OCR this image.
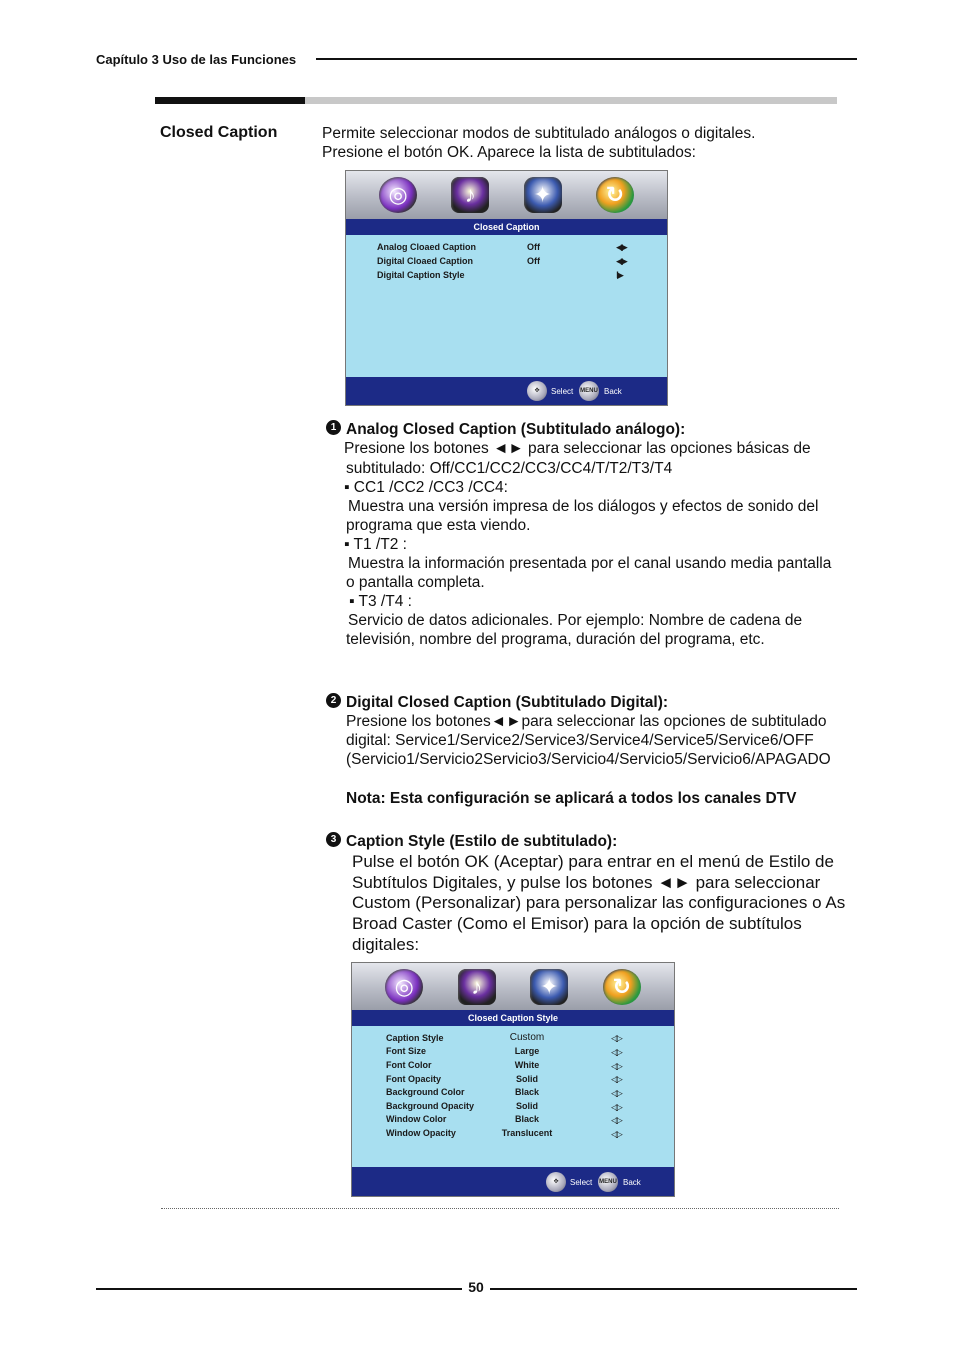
Capítulo 3 Uso de las Funciones
Closed Caption	Permite seleccionar modos de subtitulado análogos o digitales.
Presione el botón OK. Aparece la lista de subtitulados:
◎	♪	✦	↻
Closed Caption
Analog Cloaed Caption	Off	◀▶
Digital Cloaed Caption	Off	◀▶
Digital Caption Style	II▶
✥	Select MENU Back
1 Analog Closed Caption (Subtitulado análogo):
Presione los botones ◄► para seleccionar las opciones básicas de
subtitulado: Off/CC1/CC2/CC3/CC4/T/T2/T3/T4
▪ CC1 /CC2 /CC3 /CC4:
Muestra una versión impresa de los diálogos y efectos de sonido del
programa que esta viendo.
▪ T1 /T2 :
Muestra la información presentada por el canal usando media pantalla
o pantalla completa.
▪ T3 /T4 :
Servicio de datos adicionales. Por ejemplo: Nombre de cadena de
televisión, nombre del programa, duración del programa, etc.
2 Digital Closed Caption (Subtitulado Digital):
Presione los botones◄►para seleccionar las opciones de subtitulado
digital: Service1/Service2/Service3/Service4/Service5/Service6/OFF
(Servicio1/Servicio2Servicio3/Servicio4/Servicio5/Servicio6/APAGADO
Nota: Esta configuración se aplicará a todos los canales DTV
3 Caption Style (Estilo de subtitulado):
Pulse el botón OK (Aceptar) para entrar en el menú de Estilo de
Subtítulos Digitales, y pulse los botones ◄► para seleccionar
Custom (Personalizar) para personalizar las configuraciones o As
Broad Caster (Como el Emisor) para la opción de subtítulos
digitales:
◎	♪	✦	↻
Closed Caption Style
Caption Style	Custom	◁▷
Font Size	Large	◁▷
Font Color	White	◁▷
Font Opacity	Solid	◁▷
Background Color	Black	◁▷
Background Opacity	Solid	◁▷
Window Color	Black	◁▷
Window Opacity	Translucent	◁▷
✥	Select MENU Back
50
